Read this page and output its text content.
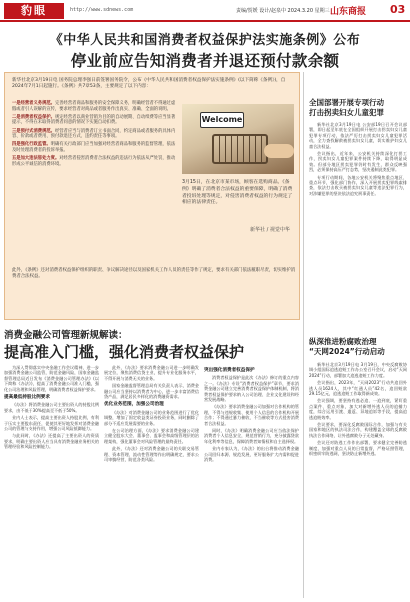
豹眼	http://www.sdnews.com	责编/贺媛 设计/赵泉中 2024.3.20 星期三 山东商报 03
《中华人民共和国消费者权益保护法实施条例》公布
停业前应告知消费者并退还预付款余额
新华社北京3月19日电 国务院总理李强日前签署国务院令，公布《中华人民共和国消费者权益保护法实施条例》(以下简称《条例》)，自2024年7月1日起施行。《条例》共7章53条，主要规定了以下内容：
一是经营者义务规范。完善经营者商品和服务的安全保障义务，明确经营者不得通过虚假或者引人误解的宣传，要求经营者对商品或者服务作出真实、准确、全面的说明。
二是消费者权益保护。规定经营者以商业营销为目的的自动展期、自动续费等应当显著提示，不得在未取得消费者同意的情况下实施自动扣费。
三是预付式消费规范。经营者应当与消费者订立书面合同，约定商品或者服务的具体内容、价款或者费用、预付款退还方式、违约责任等事项。
四是强化行政监管。明确有关行政部门应当加强对经营者商品和服务的监督管理，依法及时处理消费者的投诉举报。
五是加大违法惩处力度。对经营者侵害消费者合法权益的违法行为依法从严处罚，推动形成公平诚信的消费环境。
Welcome
3月15日，在北京市某市场，顾客在选购商品。《条例》明确了消费者合法权益的重要保障，明确了消费者投诉处理等规定，对侵害消费者权益的行为规定了相应的法律责任。
新华社 / 视觉中华
此外，《条例》还对消费者权益保护组织的职责、争议解决途径以及国家机关工作人员的责任等作了规定，要求有关部门依法履职尽责，切实维护消费者合法权益。
全国部署开展专项行动
打击拐卖妇女儿童犯罪

新华社北京3月19日电 公安部19日召开会议部署，即日起至年底在全国组织开展打击拐卖妇女儿童犯罪专项行动，依法严厉打击拐卖妇女儿童犯罪活动，全力查找解救被拐卖妇女儿童，切实维护妇女儿童合法权益。

会议指出，近年来，公安机关持续深化打拐工作，拐卖妇女儿童犯罪案件持续下降，取得明显成效。但部分地区拐卖犯罪仍时有发生，群众反映强烈，必须保持高压严打态势，坚决遏制此类犯罪。

专项行动期间，各地公安机关将聚焦重点地区、重点环节，强化部门协作，深入开展拐卖犯罪线索排查，依法打击收买被拐卖妇女儿童等违法犯罪行为，对涉嫌犯罪的坚决依法追究刑事责任。

纵深推进粉腐败治理
“天网2024”行动启动

新华社北京3月19日电 3月19日，中央反腐败协调小组国际追逃追赃工作办公室召开会议，启动“天网2024”行动，部署加大追逃追赃工作力度。

会议指出，2023年，“天网2023”行动共追回外逃人员1624人，其中“红通人员”42名，追回赃款29.15亿元，追逃追赃工作取得新成效。

会议强调，要坚持有逃必追、一追到底，紧盯重点案件、重点对象，加大对新增外逃人员的追捕力度，综合运用引渡、遣返、异地追诉等手段，提高追逃追赃效率。

会议要求，要深化反腐败国际合作，加强与有关国家和地区的执法司法合作，构建覆盖全球的反腐败执法合作网络，让外逃腐败分子无处藏身。

会议还对防逃工作作出部署，要求健全完善防逃制度，加强对重点人员的日常监督，严格证照管理，织密织牢防逃网，坚决防止新增外逃。

消费金融公司管理新规解读：
提高准入门槛，强化消费者权益保护

为深入贯彻落实中央金融工作会议精神，进一步加强消费金融公司监管，防范金融风险，国家金融监督管理总局近日发布《消费金融公司管理办法》(以下简称《办法》)，提高了消费金融公司准入门槛，强化公司治理和风险管理，明确消费者权益保护要求。

提高最低持股比例要求

《办法》将消费金融公司主要出资人的持股比例要求，由不低于30%提高至不低于50%。

业内人士表示，提高主要出资人持股比例，有利于压实主要股东责任，促使其更好地发挥对消费金融公司的管理与支持作用，增强公司风险抵御能力。

与此同时，《办法》还提高了主要出资人的资质要求，明确主要出资人应当具有消费金融业务相关的管理经验和风险控制能力。

此外，《办法》要求消费金融公司进一步明确发展定位，聚焦消费信贷主业，提升专业化服务水平，不得开展与消费无关的业务。

国家金融监督管理总局有关负责人表示，消费金融公司应当坚持以消费者为中心，进一步丰富消费信贷产品，满足居民多样化的消费融资需求。

优化业务范围，加强公司治理

《办法》对消费金融公司的业务范围进行了优化调整，增加了固定收益类证券投资业务，同时删除了部分不适应发展需要的业务。

在公司治理方面，《办法》要求消费金融公司建立健全股东大会、董事会、监事会和高级管理层的治理架构，强化董事会对风险管理的最终责任。

此外，《办法》还对消费金融公司的关联交易管理、资本管理、流动性管理等作出明确规定，要求公司审慎经营，防范各类风险。

突出强化消费者权益保护

消费者权益保护是此次《办法》修订的重点内容之一。《办法》专设“消费者权益保护”章节，要求消费金融公司建立完善消费者权益保护体制机制，将消费者权益保护要求纳入公司治理、企业文化建设和经营发展战略。

《办法》要求消费金融公司加强对合作机构的管理，不得与违规收集、使用个人信息的合作机构开展合作；不得通过暴力催收、不当催收等方式侵害消费者合法权益。

同时，《办法》明确消费金融公司应当依法保护消费者个人信息安全，规范营销行为，充分披露贷款年化利率等信息，保障消费者知情权和自主选择权。

业内专家认为，《办法》的出台将推动消费金融公司回归本源、规范发展，更好服务扩大内需和促进消费。
